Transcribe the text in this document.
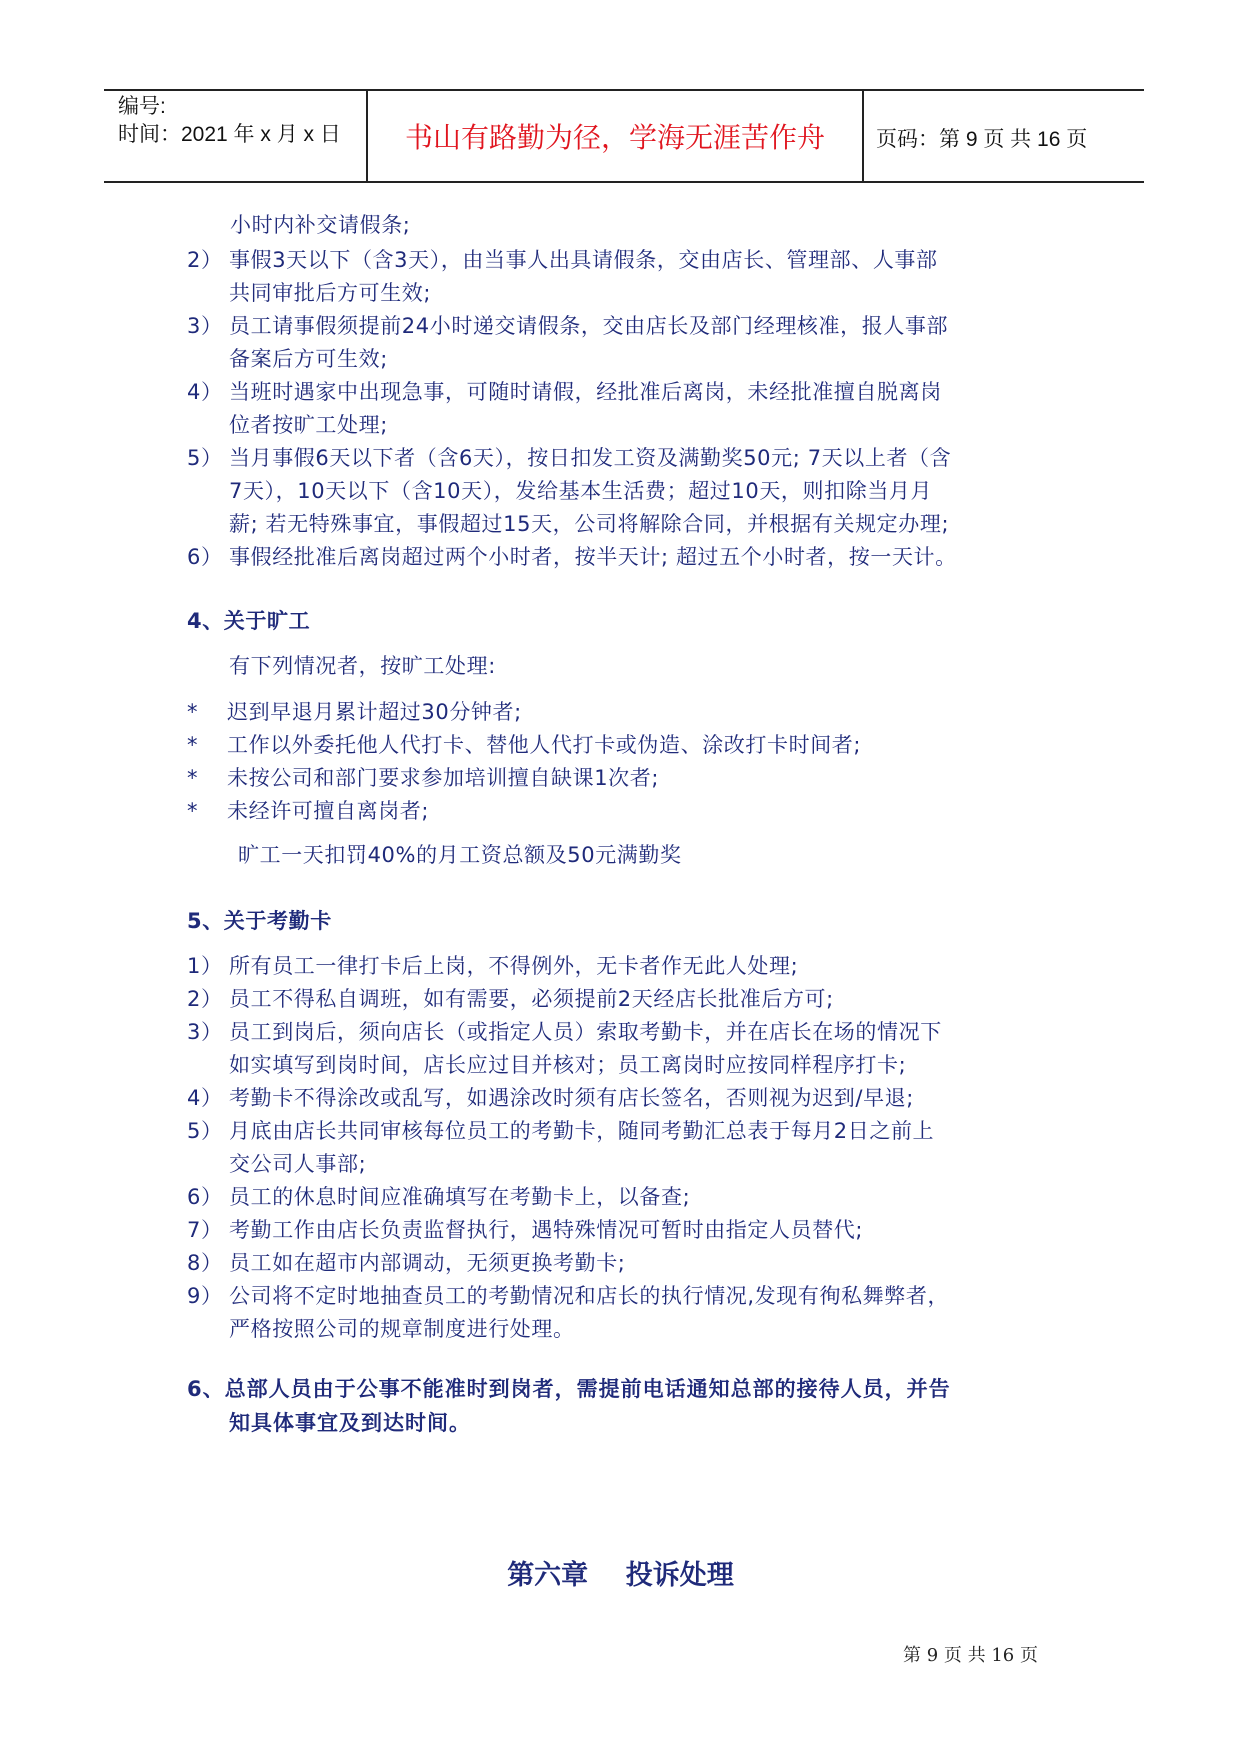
编号:
时间：2021 年 x 月 x 日	书山有路勤为径，学海无涯苦作舟	页码：第 9 页 共 16 页
小时内补交请假条;
2） 事假3天以下（含3天），由当事人出具请假条，交由店长、管理部、人事部
共同审批后方可生效;
3） 员工请事假须提前24小时递交请假条，交由店长及部门经理核准，报人事部
备案后方可生效;
4） 当班时遇家中出现急事，可随时请假，经批准后离岗，未经批准擅自脱离岗
位者按旷工处理;
5） 当月事假6天以下者（含6天），按日扣发工资及满勤奖50元; 7天以上者（含
7天），10天以下（含10天），发给基本生活费；超过10天，则扣除当月月
薪; 若无特殊事宜，事假超过15天，公司将解除合同，并根据有关规定办理;
6） 事假经批准后离岗超过两个小时者，按半天计; 超过五个小时者，按一天计。
4、关于旷工
有下列情况者，按旷工处理:
* 迟到早退月累计超过30分钟者;
* 工作以外委托他人代打卡、替他人代打卡或伪造、涂改打卡时间者;
* 未按公司和部门要求参加培训擅自缺课1次者;
* 未经许可擅自离岗者;
旷工一天扣罚40%的月工资总额及50元满勤奖
5、关于考勤卡
1） 所有员工一律打卡后上岗，不得例外，无卡者作无此人处理;
2） 员工不得私自调班，如有需要，必须提前2天经店长批准后方可;
3） 员工到岗后，须向店长（或指定人员）索取考勤卡，并在店长在场的情况下
如实填写到岗时间，店长应过目并核对；员工离岗时应按同样程序打卡;
4） 考勤卡不得涂改或乱写，如遇涂改时须有店长签名，否则视为迟到/早退;
5） 月底由店长共同审核每位员工的考勤卡，随同考勤汇总表于每月2日之前上
交公司人事部;
6） 员工的休息时间应准确填写在考勤卡上，以备查;
7） 考勤工作由店长负责监督执行，遇特殊情况可暂时由指定人员替代;
8） 员工如在超市内部调动，无须更换考勤卡;
9） 公司将不定时地抽查员工的考勤情况和店长的执行情况,发现有徇私舞弊者，
严格按照公司的规章制度进行处理。
6、总部人员由于公事不能准时到岗者，需提前电话通知总部的接待人员，并告
知具体事宜及到达时间。
第六章    投诉处理
第 9 页 共 16 页
